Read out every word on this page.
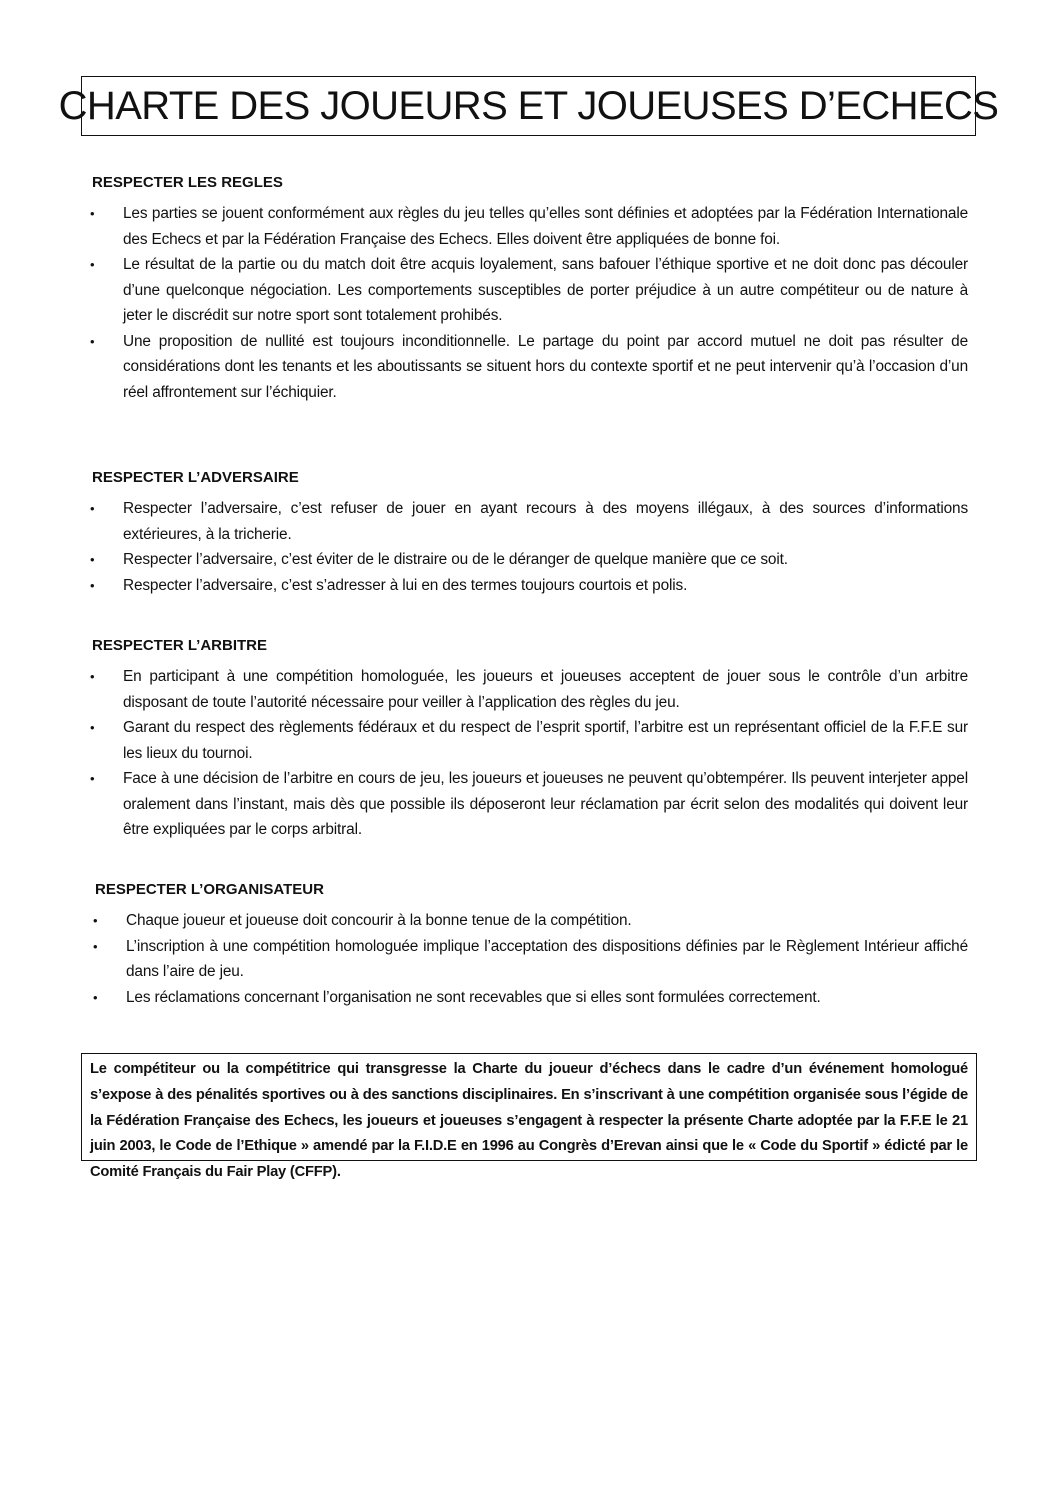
CHARTE DES JOUEURS ET JOUEUSES D’ECHECS
RESPECTER LES REGLES
• Les parties se jouent conformément aux règles du jeu telles qu’elles sont définies et adoptées par la Fédération Internationale des Echecs et par la Fédération Française des Echecs. Elles doivent être appliquées de bonne foi.
• Le résultat de la partie ou du match doit être acquis loyalement, sans bafouer l’éthique sportive et ne doit donc pas découler d’une quelconque négociation. Les comportements susceptibles de porter préjudice à un autre compétiteur ou de nature à jeter le discrédit sur notre sport sont totalement prohibés.
• Une proposition de nullité est toujours inconditionnelle. Le partage du point par accord mutuel ne doit pas résulter de considérations dont les tenants et les aboutissants se situent hors du contexte sportif et ne peut intervenir qu’à l’occasion d’un réel affrontement sur l’échiquier.
RESPECTER L’ADVERSAIRE
• Respecter l’adversaire, c’est refuser de jouer en ayant recours à des moyens illégaux, à des sources d’informations extérieures, à la tricherie.
• Respecter l’adversaire, c’est éviter de le distraire ou de le déranger de quelque manière que ce soit.
• Respecter l’adversaire, c’est s’adresser à lui en des termes toujours courtois et polis.
RESPECTER L’ARBITRE
• En participant à une compétition homologuée, les joueurs et joueuses acceptent de jouer sous le contrôle d’un arbitre disposant de toute l’autorité nécessaire pour veiller à l’application des règles du jeu.
• Garant du respect des règlements fédéraux et du respect de l’esprit sportif, l’arbitre est un représentant officiel de la F.F.E sur les lieux du tournoi.
• Face à une décision de l’arbitre en cours de jeu, les joueurs et joueuses ne peuvent qu’obtempérer. Ils peuvent interjeter appel oralement dans l’instant, mais dès que possible ils déposeront leur réclamation par écrit selon des modalités qui doivent leur être expliquées par le corps arbitral.
RESPECTER L’ORGANISATEUR
• Chaque joueur et joueuse doit concourir à la bonne tenue de la compétition.
• L’inscription à une compétition homologuée implique l’acceptation des dispositions définies par le Règlement Intérieur affiché dans l’aire de jeu.
• Les réclamations concernant l’organisation ne sont recevables que si elles sont formulées correctement.

Le compétiteur ou la compétitrice qui transgresse la Charte du joueur d’échecs dans le cadre d’un événement homologué s’expose à des pénalités sportives ou à des sanctions disciplinaires. En s’inscrivant à une compétition organisée sous l’égide de la Fédération Française des Echecs, les joueurs et joueuses s’engagent à respecter la présente Charte adoptée par la F.F.E le 21 juin 2003, le Code de l’Ethique » amendé par la F.I.D.E en 1996 au Congrès d’Erevan ainsi que le « Code du Sportif » édicté par le Comité Français du Fair Play (CFFP).
